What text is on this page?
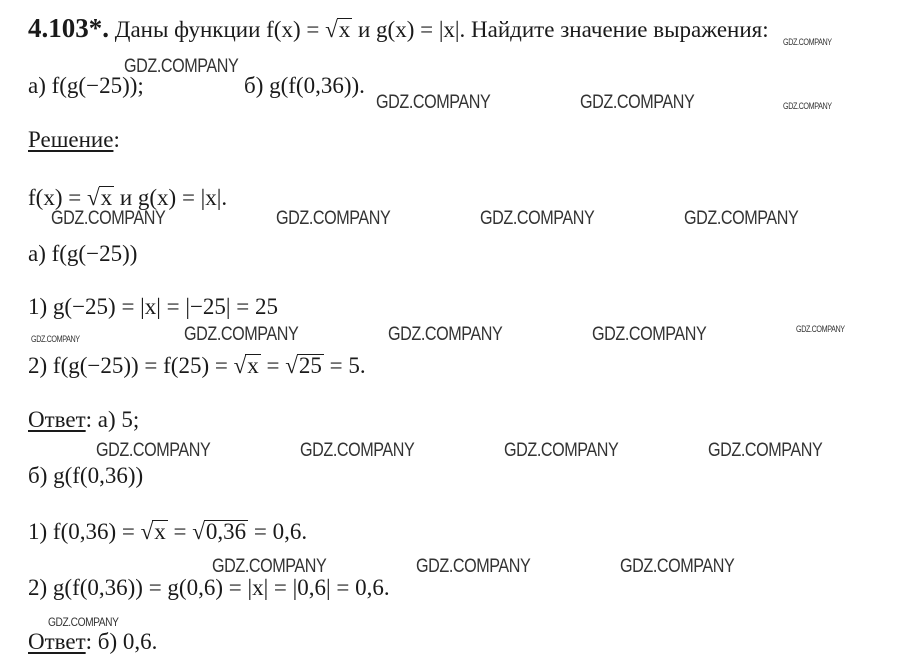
4.103*. Даны функции f(x) = √x и g(x) = |x|. Найдите значение выражения:
а) f(g(−25));	б) g(f(0,36)).
Решение:
f(x) = √x и g(x) = |x|.
а) f(g(−25))
1) g(−25) = |x| = |−25| = 25
2) f(g(−25)) = f(25) = √x = √25 = 5.
Ответ: а) 5;
б) g(f(0,36))
1) f(0,36) = √x = √0,36 = 0,6.
2) g(f(0,36)) = g(0,6) = |x| = |0,6| = 0,6.
Ответ: б) 0,6.
GDZ.COMPANY
GDZ.COMPANY
GDZ.COMPANY	GDZ.COMPANY	GDZ.COMPANY
GDZ.COMPANY	GDZ.COMPANY	GDZ.COMPANY	GDZ.COMPANY
GDZ.COMPANY	GDZ.COMPANY	GDZ.COMPANY	GDZ.COMPANY	GDZ.COMPANY
GDZ.COMPANY	GDZ.COMPANY	GDZ.COMPANY	GDZ.COMPANY
GDZ.COMPANY	GDZ.COMPANY	GDZ.COMPANY
GDZ.COMPANY
